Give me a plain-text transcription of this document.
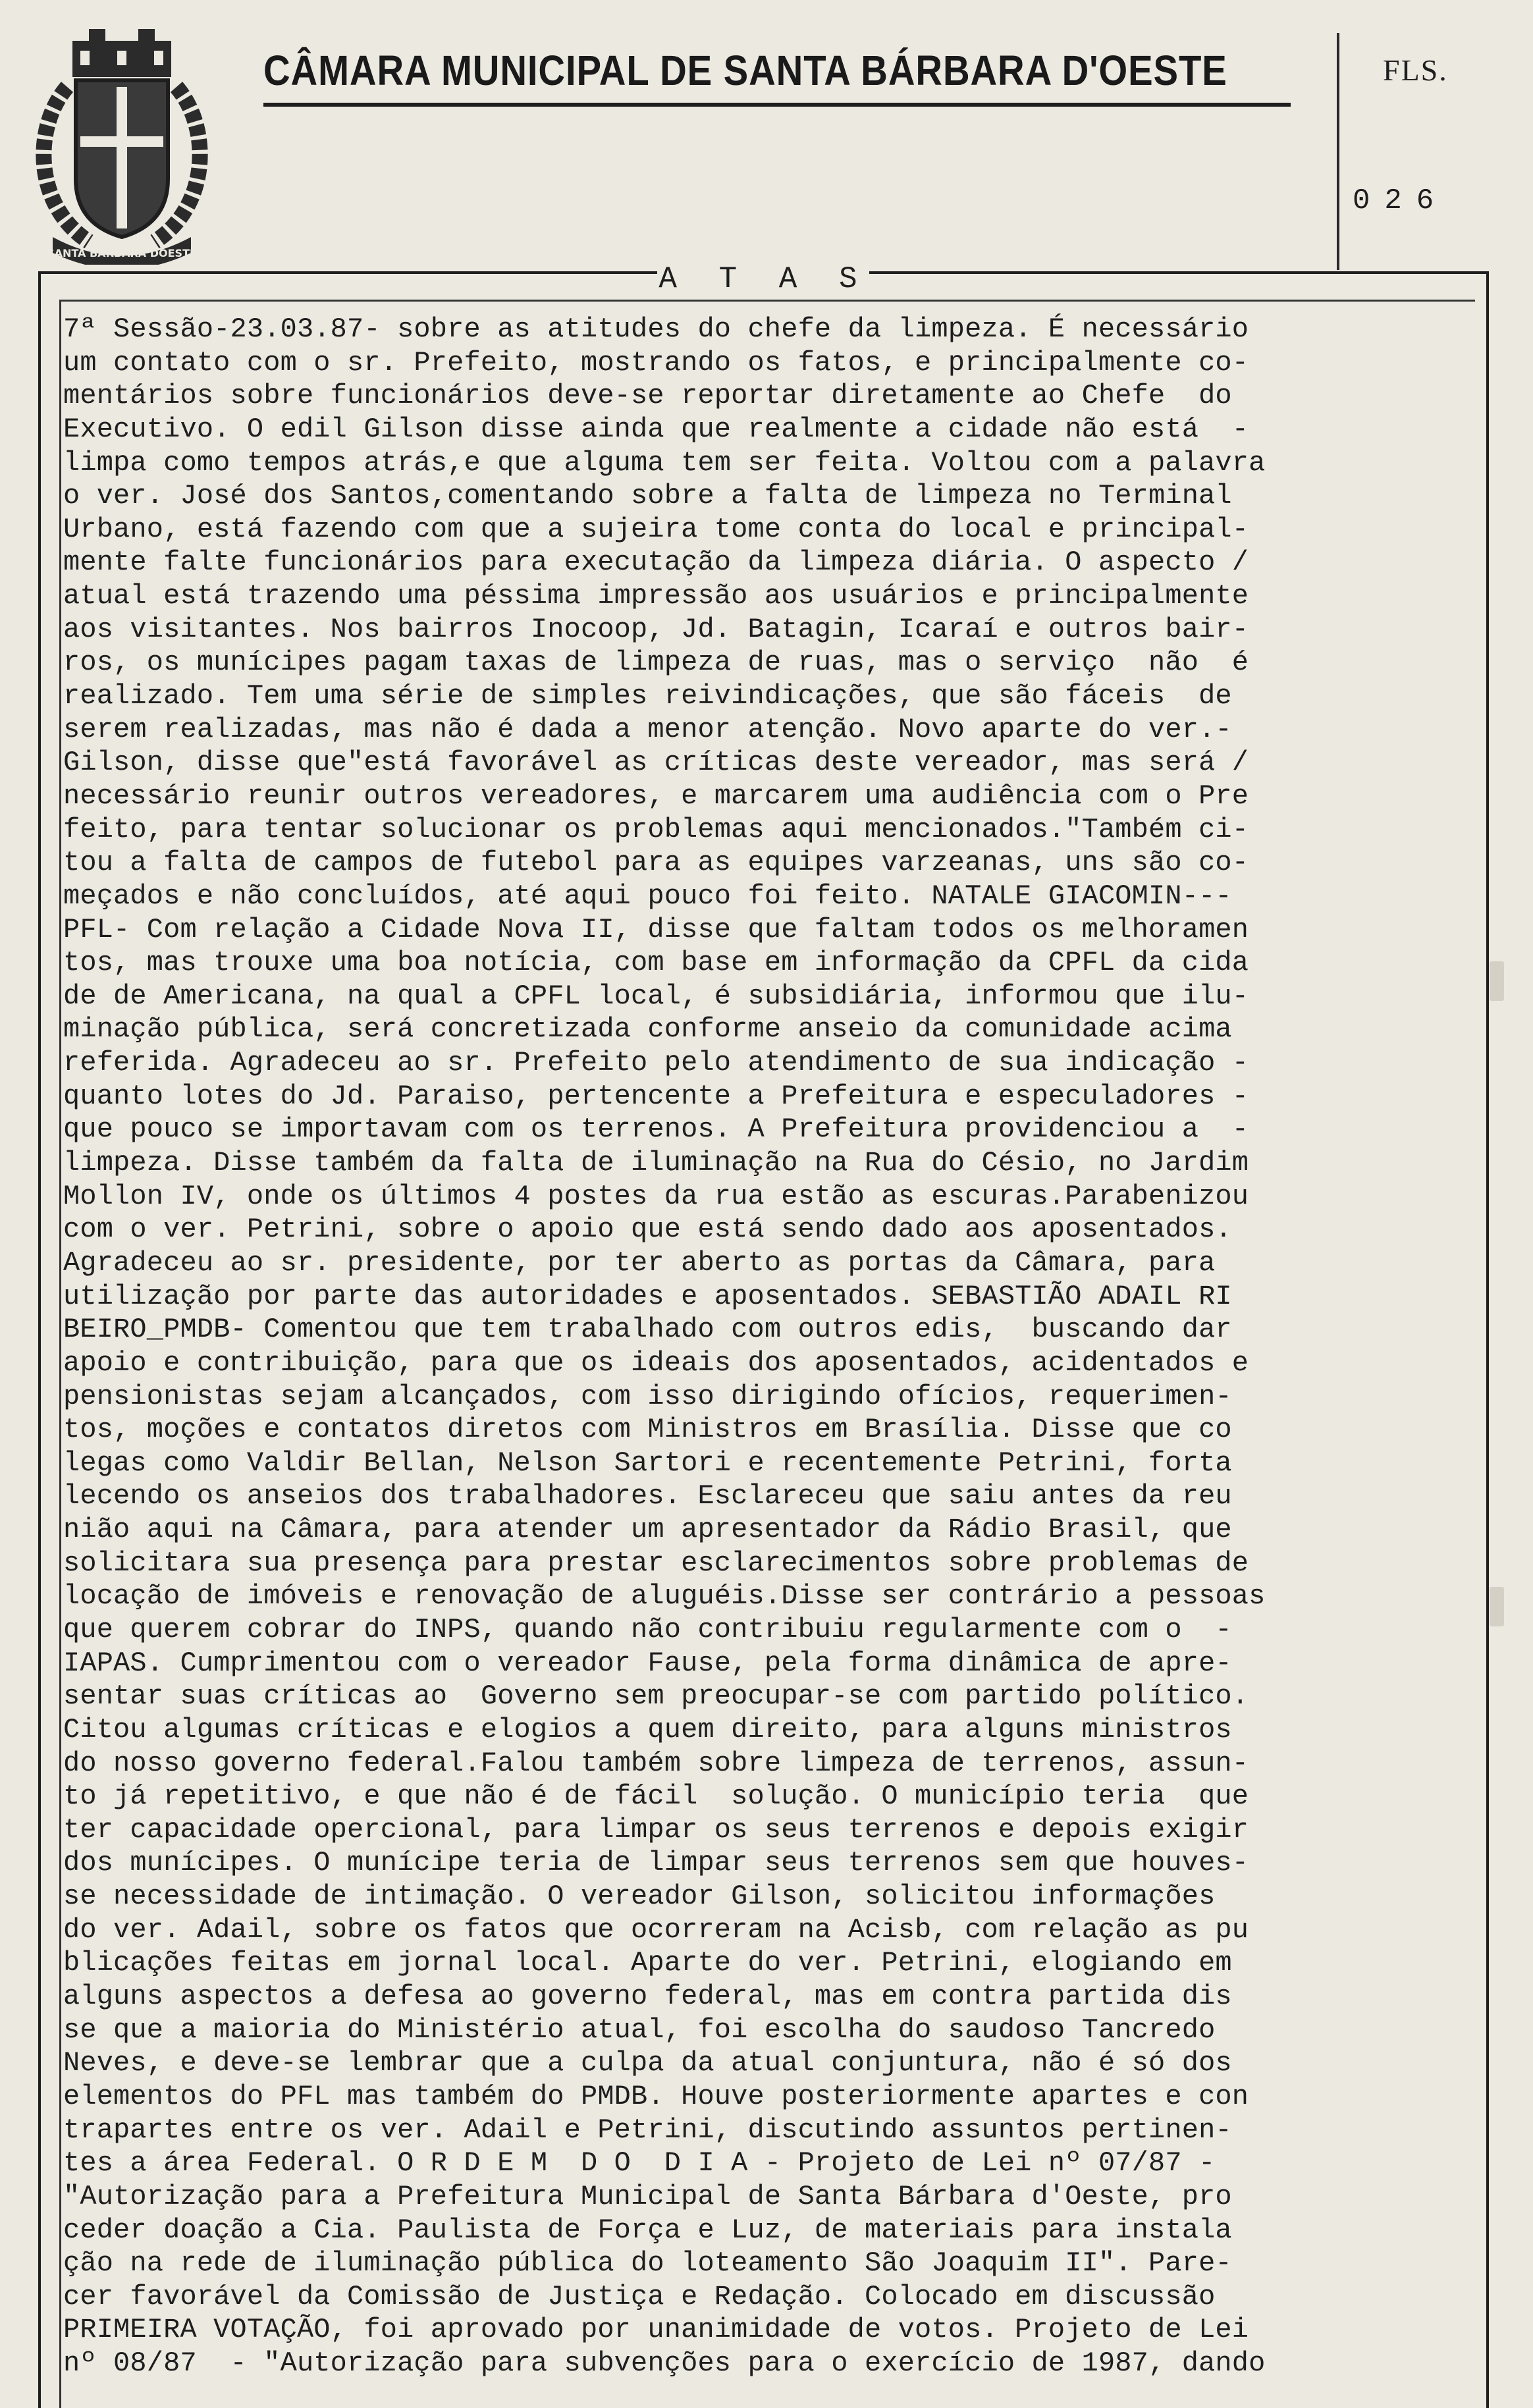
SANTA BARBARA DOESTE
CÂMARA MUNICIPAL DE SANTA BÁRBARA D'OESTE	FLS.
026
A T A S
7ª Sessão-23.03.87- sobre as atitudes do chefe da limpeza. É necessário
um contato com o sr. Prefeito, mostrando os fatos, e principalmente co-
mentários sobre funcionários deve-se reportar diretamente ao Chefe  do
Executivo. O edil Gilson disse ainda que realmente a cidade não está  -
limpa como tempos atrás,e que alguma tem ser feita. Voltou com a palavra
o ver. José dos Santos,comentando sobre a falta de limpeza no Terminal
Urbano, está fazendo com que a sujeira tome conta do local e principal-
mente falte funcionários para executação da limpeza diária. O aspecto /
atual está trazendo uma péssima impressão aos usuários e principalmente
aos visitantes. Nos bairros Inocoop, Jd. Batagin, Icaraí e outros bair-
ros, os munícipes pagam taxas de limpeza de ruas, mas o serviço  não  é
realizado. Tem uma série de simples reivindicações, que são fáceis  de
serem realizadas, mas não é dada a menor atenção. Novo aparte do ver.-
Gilson, disse que"está favorável as críticas deste vereador, mas será /
necessário reunir outros vereadores, e marcarem uma audiência com o Pre
feito, para tentar solucionar os problemas aqui mencionados."Também ci-
tou a falta de campos de futebol para as equipes varzeanas, uns são co-
meçados e não concluídos, até aqui pouco foi feito. NATALE GIACOMIN---
PFL- Com relação a Cidade Nova II, disse que faltam todos os melhoramen
tos, mas trouxe uma boa notícia, com base em informação da CPFL da cida
de de Americana, na qual a CPFL local, é subsidiária, informou que ilu-
minação pública, será concretizada conforme anseio da comunidade acima
referida. Agradeceu ao sr. Prefeito pelo atendimento de sua indicação -
quanto lotes do Jd. Paraiso, pertencente a Prefeitura e especuladores -
que pouco se importavam com os terrenos. A Prefeitura providenciou a  -
limpeza. Disse também da falta de iluminação na Rua do Césio, no Jardim
Mollon IV, onde os últimos 4 postes da rua estão as escuras.Parabenizou
com o ver. Petrini, sobre o apoio que está sendo dado aos aposentados.
Agradeceu ao sr. presidente, por ter aberto as portas da Câmara, para
utilização por parte das autoridades e aposentados. SEBASTIÃO ADAIL RI
BEIRO_PMDB- Comentou que tem trabalhado com outros edis,  buscando dar
apoio e contribuição, para que os ideais dos aposentados, acidentados e
pensionistas sejam alcançados, com isso dirigindo ofícios, requerimen-
tos, moções e contatos diretos com Ministros em Brasília. Disse que co
legas como Valdir Bellan, Nelson Sartori e recentemente Petrini, forta
lecendo os anseios dos trabalhadores. Esclareceu que saiu antes da reu
nião aqui na Câmara, para atender um apresentador da Rádio Brasil, que
solicitara sua presença para prestar esclarecimentos sobre problemas de
locação de imóveis e renovação de aluguéis.Disse ser contrário a pessoas
que querem cobrar do INPS, quando não contribuiu regularmente com o  -
IAPAS. Cumprimentou com o vereador Fause, pela forma dinâmica de apre-
sentar suas críticas ao  Governo sem preocupar-se com partido político.
Citou algumas críticas e elogios a quem direito, para alguns ministros
do nosso governo federal.Falou também sobre limpeza de terrenos, assun-
to já repetitivo, e que não é de fácil  solução. O município teria  que
ter capacidade opercional, para limpar os seus terrenos e depois exigir
dos munícipes. O munícipe teria de limpar seus terrenos sem que houves-
se necessidade de intimação. O vereador Gilson, solicitou informações
do ver. Adail, sobre os fatos que ocorreram na Acisb, com relação as pu
blicações feitas em jornal local. Aparte do ver. Petrini, elogiando em
alguns aspectos a defesa ao governo federal, mas em contra partida dis
se que a maioria do Ministério atual, foi escolha do saudoso Tancredo
Neves, e deve-se lembrar que a culpa da atual conjuntura, não é só dos
elementos do PFL mas também do PMDB. Houve posteriormente apartes e con
trapartes entre os ver. Adail e Petrini, discutindo assuntos pertinen-
tes a área Federal. O R D E M  D O  D I A - Projeto de Lei nº 07/87 -
"Autorização para a Prefeitura Municipal de Santa Bárbara d'Oeste, pro
ceder doação a Cia. Paulista de Força e Luz, de materiais para instala
ção na rede de iluminação pública do loteamento São Joaquim II". Pare-
cer favorável da Comissão de Justiça e Redação. Colocado em discussão
PRIMEIRA VOTAÇÃO, foi aprovado por unanimidade de votos. Projeto de Lei
nº 08/87  - "Autorização para subvenções para o exercício de 1987, dando
